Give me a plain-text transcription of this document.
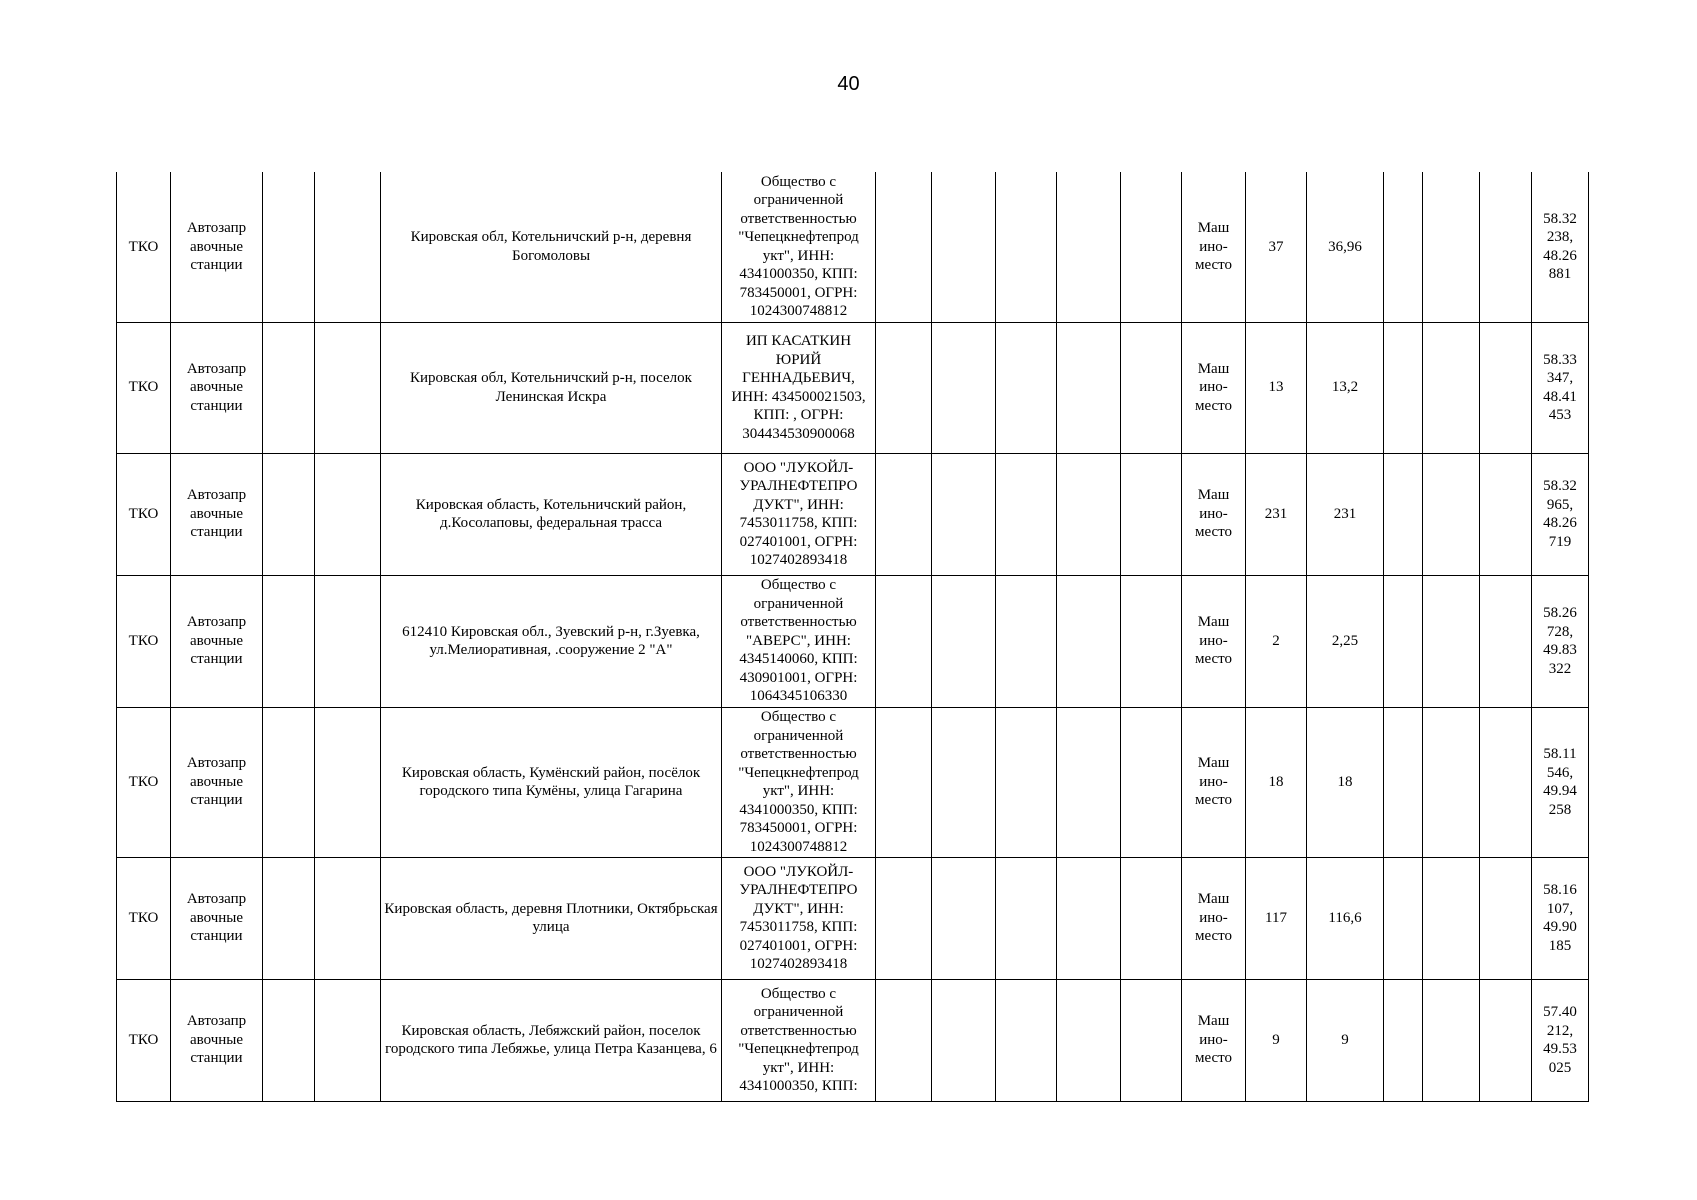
40
ТКО	Автозапр авочные станции			Кировская обл, Котельничский р-н, деревня Богомоловы	Общество с ограниченной ответственностью "Чепецкнефтепрод укт", ИНН: 4341000350, КПП: 783450001, ОГРН: 1024300748812						Маш ино-место	37	36,96				58.32 238, 48.26 881
ТКО	Автозапр авочные станции			Кировская обл, Котельничский р-н, поселок Ленинская Искра	ИП КАСАТКИН ЮРИЙ ГЕННАДЬЕВИЧ, ИНН: 434500021503, КПП: , ОГРН: 304434530900068						Маш ино-место	13	13,2				58.33 347, 48.41 453
ТКО	Автозапр авочные станции			Кировская область, Котельничский район, д.Косолаповы, федеральная трасса	ООО "ЛУКОЙЛ-УРАЛНЕФТЕПРО ДУКТ", ИНН: 7453011758, КПП: 027401001, ОГРН: 1027402893418						Маш ино-место	231	231				58.32 965, 48.26 719
ТКО	Автозапр авочные станции			612410 Кировская обл., Зуевский р-н, г.Зуевка, ул.Мелиоративная, .сооружение 2 "А"	Общество с ограниченной ответственностью "АВЕРС", ИНН: 4345140060, КПП: 430901001, ОГРН: 1064345106330						Маш ино-место	2	2,25				58.26 728, 49.83 322
ТКО	Автозапр авочные станции			Кировская область, Кумёнский район, посёлок городского типа Кумёны, улица Гагарина	Общество с ограниченной ответственностью "Чепецкнефтепрод укт", ИНН: 4341000350, КПП: 783450001, ОГРН: 1024300748812						Маш ино-место	18	18				58.11 546, 49.94 258
ТКО	Автозапр авочные станции			Кировская область, деревня Плотники, Октябрьская улица	ООО "ЛУКОЙЛ-УРАЛНЕФТЕПРО ДУКТ", ИНН: 7453011758, КПП: 027401001, ОГРН: 1027402893418						Маш ино-место	117	116,6				58.16 107, 49.90 185
ТКО	Автозапр авочные станции			Кировская область, Лебяжский район, поселок городского типа Лебяжье, улица Петра Казанцева, 6	Общество с ограниченной ответственностью "Чепецкнефтепрод укт", ИНН: 4341000350, КПП:						Маш ино-место	9	9				57.40 212, 49.53 025
